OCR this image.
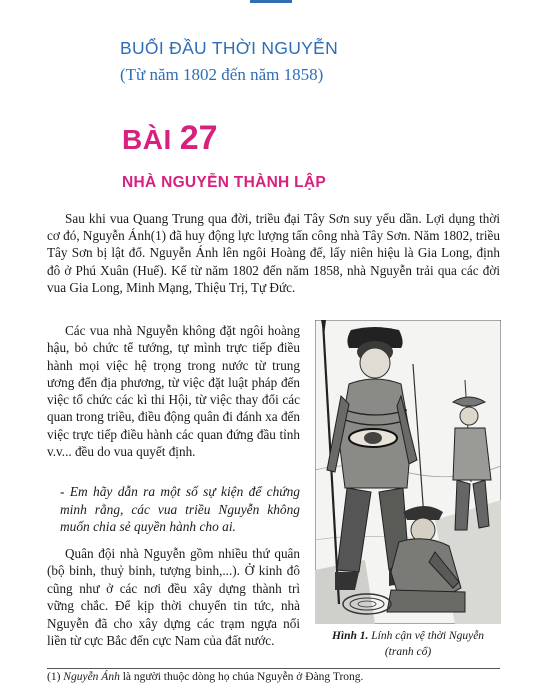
BUỔI ĐẦU THỜI NGUYỄN
(Từ năm 1802 đến năm 1858)
BÀI 27
NHÀ NGUYỄN THÀNH LẬP

Sau khi vua Quang Trung qua đời, triều đại Tây Sơn suy yếu dần. Lợi dụng thời cơ đó, Nguyễn Ánh(1) đã huy động lực lượng tấn công nhà Tây Sơn. Năm 1802, triều Tây Sơn bị lật đổ. Nguyễn Ánh lên ngôi Hoàng đế, lấy niên hiệu là Gia Long, định đô ở Phú Xuân (Huế). Kể từ năm 1802 đến năm 1858, nhà Nguyễn trải qua các đời vua Gia Long, Minh Mạng, Thiệu Trị, Tự Đức.

Các vua nhà Nguyễn không đặt ngôi hoàng hậu, bỏ chức tể tướng, tự mình trực tiếp điều hành mọi việc hệ trọng trong nước từ trung ương đến địa phương, từ việc đặt luật pháp đến việc tổ chức các kì thi Hội, từ việc thay đổi các quan trong triều, điều động quân đi đánh xa đến việc trực tiếp điều hành các quan đứng đầu tỉnh v.v... đều do vua quyết định.

- Em hãy dẫn ra một số sự kiện để chứng minh rằng, các vua triều Nguyễn không muốn chia sẻ quyền hành cho ai.

Quân đội nhà Nguyễn gồm nhiều thứ quân (bộ binh, thuỷ binh, tượng binh,...). Ở kinh đô cũng như ở các nơi đều xây dựng thành trì vững chắc. Để kịp thời chuyển tin tức, nhà Nguyễn đã cho xây dựng các trạm ngựa nối liền từ cực Bắc đến cực Nam của đất nước.	Hình 1. Lính cận vệ thời Nguyễn
(tranh cổ)
(1) Nguyễn Ánh là người thuộc dòng họ chúa Nguyễn ở Đàng Trong.
